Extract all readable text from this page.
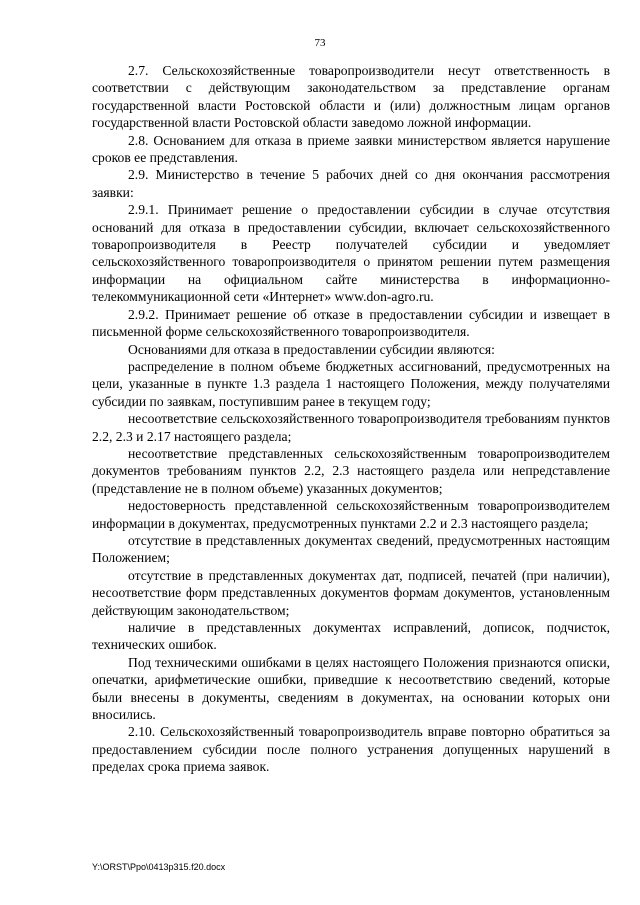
73

2.7. Сельскохозяйственные товаропроизводители несут ответственность в соответствии с действующим законодательством за представление органам государственной власти Ростовской области и (или) должностным лицам органов государственной власти Ростовской области заведомо ложной информации.

2.8. Основанием для отказа в приеме заявки министерством является нарушение сроков ее представления.

2.9. Министерство в течение 5 рабочих дней со дня окончания рассмотрения заявки:

2.9.1. Принимает решение о предоставлении субсидии в случае отсутствия оснований для отказа в предоставлении субсидии, включает сельскохозяйственного товаропроизводителя в Реестр получателей субсидии и уведомляет сельскохозяйственного товаропроизводителя о принятом решении путем размещения информации на официальном сайте министерства в информационно-телекоммуникационной сети «Интернет» www.don-agro.ru.

2.9.2. Принимает решение об отказе в предоставлении субсидии и извещает в письменной форме сельскохозяйственного товаропроизводителя.

Основаниями для отказа в предоставлении субсидии являются:

распределение в полном объеме бюджетных ассигнований, предусмотренных на цели, указанные в пункте 1.3 раздела 1 настоящего Положения, между получателями субсидии по заявкам, поступившим ранее в текущем году;

несоответствие сельскохозяйственного товаропроизводителя требованиям пунктов 2.2, 2.3 и 2.17 настоящего раздела;

несоответствие представленных сельскохозяйственным товаропроизводителем документов требованиям пунктов 2.2, 2.3 настоящего раздела или непредставление (представление не в полном объеме) указанных документов;

недостоверность представленной сельскохозяйственным товаропроизводителем информации в документах, предусмотренных пунктами 2.2 и 2.3 настоящего раздела;

отсутствие в представленных документах сведений, предусмотренных настоящим Положением;

отсутствие в представленных документах дат, подписей, печатей (при наличии), несоответствие форм представленных документов формам документов, установленным действующим законодательством;

наличие в представленных документах исправлений, дописок, подчисток, технических ошибок.

Под техническими ошибками в целях настоящего Положения признаются описки, опечатки, арифметические ошибки, приведшие к несоответствию сведений, которые были внесены в документы, сведениям в документах, на основании которых они вносились.

2.10. Сельскохозяйственный товаропроизводитель вправе повторно обратиться за предоставлением субсидии после полного устранения допущенных нарушений в пределах срока приема заявок.

Y:\ORST\Ppo\0413p315.f20.docx
